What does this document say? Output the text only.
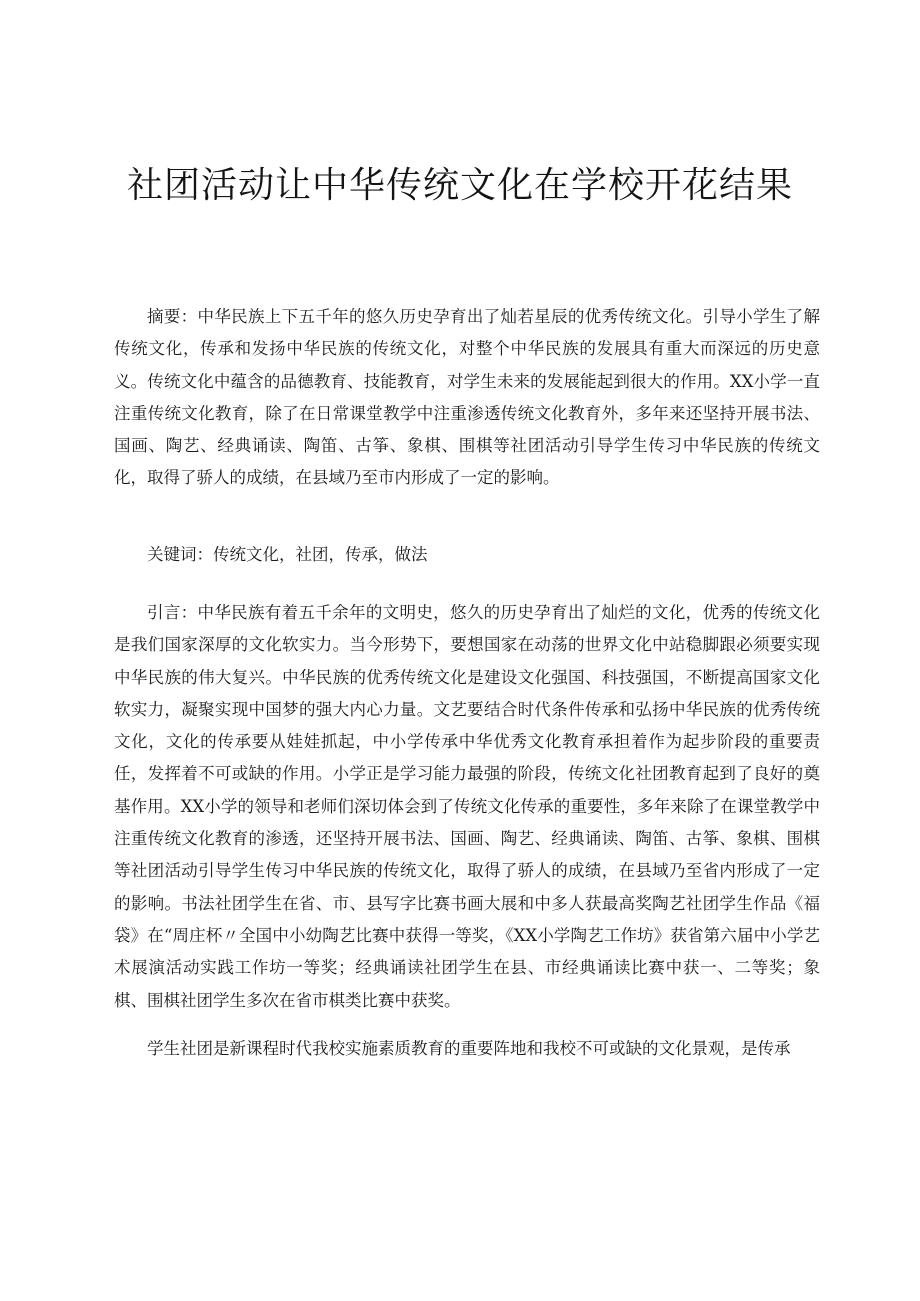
社团活动让中华传统文化在学校开花结果

摘要：中华民族上下五千年的悠久历史孕育出了灿若星辰的优秀传统文化。引导小学生了解传统文化，传承和发扬中华民族的传统文化，对整个中华民族的发展具有重大而深远的历史意义。传统文化中蕴含的品德教育、技能教育，对学生未来的发展能起到很大的作用。XX小学一直注重传统文化教育，除了在日常课堂教学中注重渗透传统文化教育外，多年来还坚持开展书法、国画、陶艺、经典诵读、陶笛、古筝、象棋、围棋等社团活动引导学生传习中华民族的传统文化，取得了骄人的成绩，在县域乃至市内形成了一定的影响。

关键词：传统文化，社团，传承，做法

引言：中华民族有着五千余年的文明史，悠久的历史孕育出了灿烂的文化，优秀的传统文化是我们国家深厚的文化软实力。当今形势下，要想国家在动荡的世界文化中站稳脚跟必须要实现中华民族的伟大复兴。中华民族的优秀传统文化是建设文化强国、科技强国，不断提高国家文化软实力，凝聚实现中国梦的强大内心力量。文艺要结合时代条件传承和弘扬中华民族的优秀传统文化，文化的传承要从娃娃抓起，中小学传承中华优秀文化教育承担着作为起步阶段的重要责任，发挥着不可或缺的作用。小学正是学习能力最强的阶段，传统文化社团教育起到了良好的奠基作用。XX小学的领导和老师们深切体会到了传统文化传承的重要性，多年来除了在课堂教学中注重传统文化教育的渗透，还坚持开展书法、国画、陶艺、经典诵读、陶笛、古筝、象棋、围棋等社团活动引导学生传习中华民族的传统文化，取得了骄人的成绩，在县域乃至省内形成了一定的影响。书法社团学生在省、市、县写字比赛书画大展和中多人获最高奖陶艺社团学生作品《福袋》在“周庄杯〃全国中小幼陶艺比赛中获得一等奖，《XX小学陶艺工作坊》获省第六届中小学艺术展演活动实践工作坊一等奖；经典诵读社团学生在县、市经典诵读比赛中获一、二等奖；象棋、围棋社团学生多次在省市棋类比赛中获奖。

学生社团是新课程时代我校实施素质教育的重要阵地和我校不可或缺的文化景观，是传承
